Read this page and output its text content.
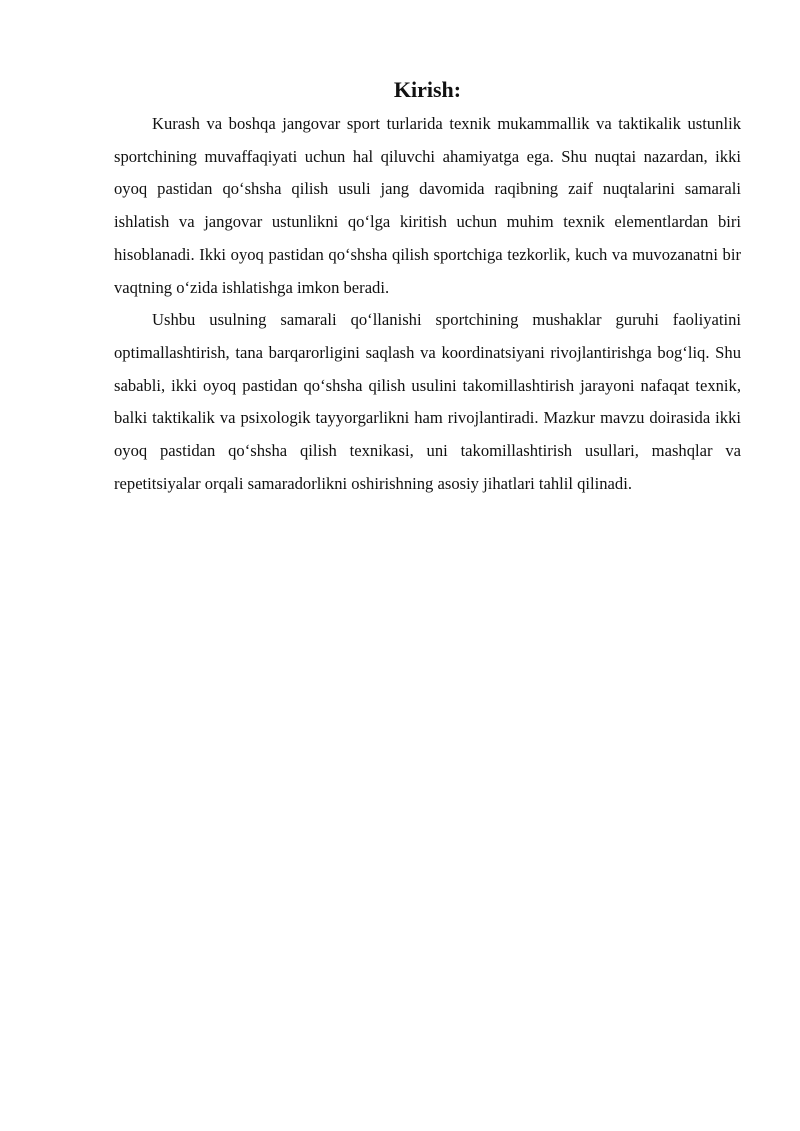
Kirish:

Kurash va boshqa jangovar sport turlarida texnik mukammallik va taktikalik ustunlik sportchining muvaffaqiyati uchun hal qiluvchi ahamiyatga ega. Shu nuqtai nazardan, ikki oyoq pastidan qo‘shsha qilish usuli jang davomida raqibning zaif nuqtalarini samarali ishlatish va jangovar ustunlikni qo‘lga kiritish uchun muhim texnik elementlardan biri hisoblanadi. Ikki oyoq pastidan qo‘shsha qilish sportchiga tezkorlik, kuch va muvozanatni bir vaqtning o‘zida ishlatishga imkon beradi.

Ushbu usulning samarali qo‘llanishi sportchining mushaklar guruhi faoliyatini optimallashtirish, tana barqarorligini saqlash va koordinatsiyani rivojlantirishga bog‘liq. Shu sababli, ikki oyoq pastidan qo‘shsha qilish usulini takomillashtirish jarayoni nafaqat texnik, balki taktikalik va psixologik tayyorgarlikni ham rivojlantiradi. Mazkur mavzu doirasida ikki oyoq pastidan qo‘shsha qilish texnikasi, uni takomillashtirish usullari, mashqlar va repetitsiyalar orqali samaradorlikni oshirishning asosiy jihatlari tahlil qilinadi.
